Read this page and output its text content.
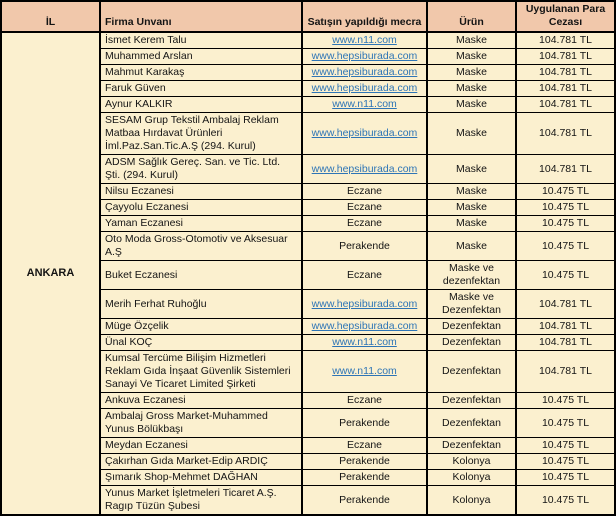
İL	Firma Unvanı	Satışın yapıldığı mecra	Ürün	Uygulanan Para Cezası
ANKARA	İsmet Kerem Talu	www.n11.com	Maske	104.781 TL
	Muhammed Arslan	www.hepsiburada.com	Maske	104.781 TL
	Mahmut Karakaş	www.hepsiburada.com	Maske	104.781 TL
	Faruk Güven	www.hepsiburada.com	Maske	104.781 TL
	Aynur KALKIR	www.n11.com	Maske	104.781 TL
	SESAM Grup Tekstil Ambalaj Reklam Matbaa Hırdavat Ürünleri İml.Paz.San.Tic.A.Ş (294. Kurul)	www.hepsiburada.com	Maske	104.781 TL
	ADSM Sağlık Gereç. San. ve Tic. Ltd. Şti. (294. Kurul)	www.hepsiburada.com	Maske	104.781 TL
	Nilsu Eczanesi	Eczane	Maske	10.475 TL
	Çayyolu Eczanesi	Eczane	Maske	10.475 TL
	Yaman Eczanesi	Eczane	Maske	10.475 TL
	Oto Moda Gross-Otomotiv ve Aksesuar A.Ş	Perakende	Maske	10.475 TL
	Buket Eczanesi	Eczane	Maske ve dezenfektan	10.475 TL
	Merih Ferhat Ruhoğlu	www.hepsiburada.com	Maske ve Dezenfektan	104.781 TL
	Müge Özçelik	www.hepsiburada.com	Dezenfektan	104.781 TL
	Ünal KOÇ	www.n11.com	Dezenfektan	104.781 TL
	Kumsal Tercüme Bilişim Hizmetleri Reklam Gıda İnşaat Güvenlik Sistemleri Sanayi Ve Ticaret Limited Şirketi	www.n11.com	Dezenfektan	104.781 TL
	Ankuva Eczanesi	Eczane	Dezenfektan	10.475 TL
	Ambalaj Gross Market-Muhammed Yunus Bölükbaşı	Perakende	Dezenfektan	10.475 TL
	Meydan Eczanesi	Eczane	Dezenfektan	10.475 TL
	Çakırhan Gıda Market-Edip ARDIÇ	Perakende	Kolonya	10.475 TL
	Şımarık Shop-Mehmet DAĞHAN	Perakende	Kolonya	10.475 TL
	Yunus Market İşletmeleri Ticaret A.Ş. Ragıp Tüzün Şubesi	Perakende	Kolonya	10.475 TL
